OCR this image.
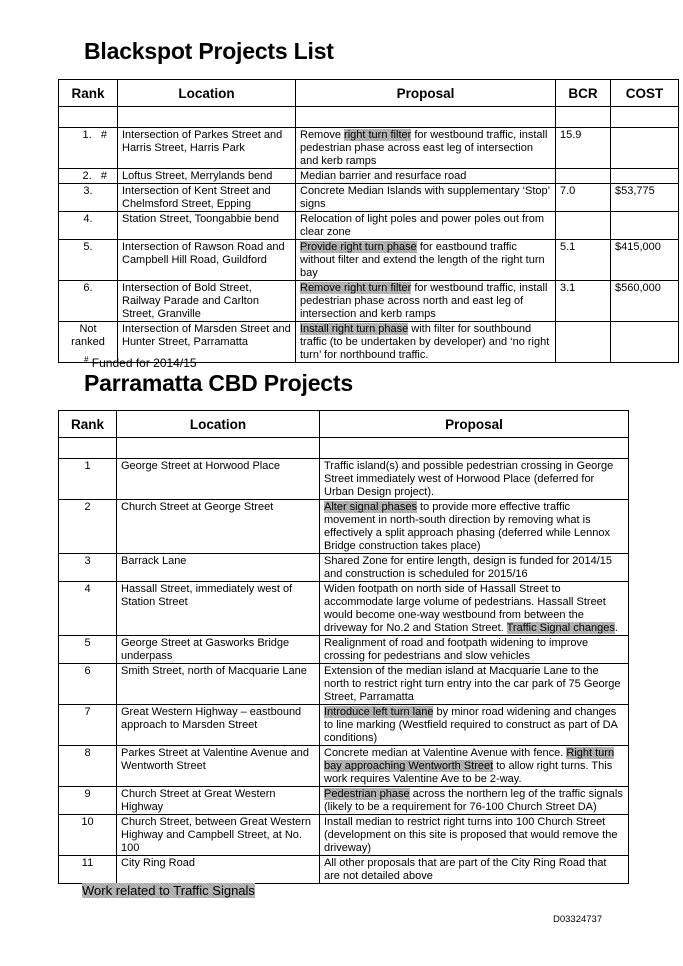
Blackspot Projects List
Rank	Location	Proposal	BCR	COST

1. #	Intersection of Parkes Street and Harris Street, Harris Park	Remove right turn filter for westbound traffic, install pedestrian phase across east leg of intersection and kerb ramps	15.9	
2. #	Loftus Street, Merrylands bend	Median barrier and resurface road		
3.	Intersection of Kent Street and Chelmsford Street, Epping	Concrete Median Islands with supplementary ‘Stop’ signs	7.0	$53,775
4.	Station Street, Toongabbie bend	Relocation of light poles and power poles out from clear zone		
5.	Intersection of Rawson Road and Campbell Hill Road, Guildford	Provide right turn phase for eastbound traffic without filter and extend the length of the right turn bay	5.1	$415,000
6.	Intersection of Bold Street, Railway Parade and Carlton Street, Granville	Remove right turn filter for westbound traffic, install pedestrian phase across north and east leg of intersection and kerb ramps	3.1	$560,000
Not ranked	Intersection of Marsden Street and Hunter Street, Parramatta	Install right turn phase with filter for southbound traffic (to be undertaken by developer) and ‘no right turn’ for northbound traffic.		
# Funded for 2014/15
Parramatta CBD Projects
Rank	Location	Proposal

1	George Street at Horwood Place	Traffic island(s) and possible pedestrian crossing in George Street immediately west of Horwood Place (deferred for Urban Design project).
2	Church Street at George Street	Alter signal phases to provide more effective traffic movement in north-south direction by removing what is effectively a split approach phasing (deferred while Lennox Bridge construction takes place)
3	Barrack Lane	Shared Zone for entire length, design is funded for 2014/15 and construction is scheduled for 2015/16
4	Hassall Street, immediately west of Station Street	Widen footpath on north side of Hassall Street to accommodate large volume of pedestrians. Hassall Street would become one-way westbound from between the driveway for No.2 and Station Street. Traffic Signal changes.
5	George Street at Gasworks Bridge underpass	Realignment of road and footpath widening to improve crossing for pedestrians and slow vehicles
6	Smith Street, north of Macquarie Lane	Extension of the median island at Macquarie Lane to the north to restrict right turn entry into the car park of 75 George Street, Parramatta
7	Great Western Highway – eastbound approach to Marsden Street	Introduce left turn lane by minor road widening and changes to line marking (Westfield required to construct as part of DA conditions)
8	Parkes Street at Valentine Avenue and Wentworth Street	Concrete median at Valentine Avenue with fence. Right turn bay approaching Wentworth Street to allow right turns. This work requires Valentine Ave to be 2-way.
9	Church Street at Great Western Highway	Pedestrian phase across the northern leg of the traffic signals (likely to be a requirement for 76-100 Church Street DA)
10	Church Street, between Great Western Highway and Campbell Street, at No. 100	Install median to restrict right turns into 100 Church Street (development on this site is proposed that would remove the driveway)
11	City Ring Road	All other proposals that are part of the City Ring Road that are not detailed above
Work related to Traffic Signals
D03324737
